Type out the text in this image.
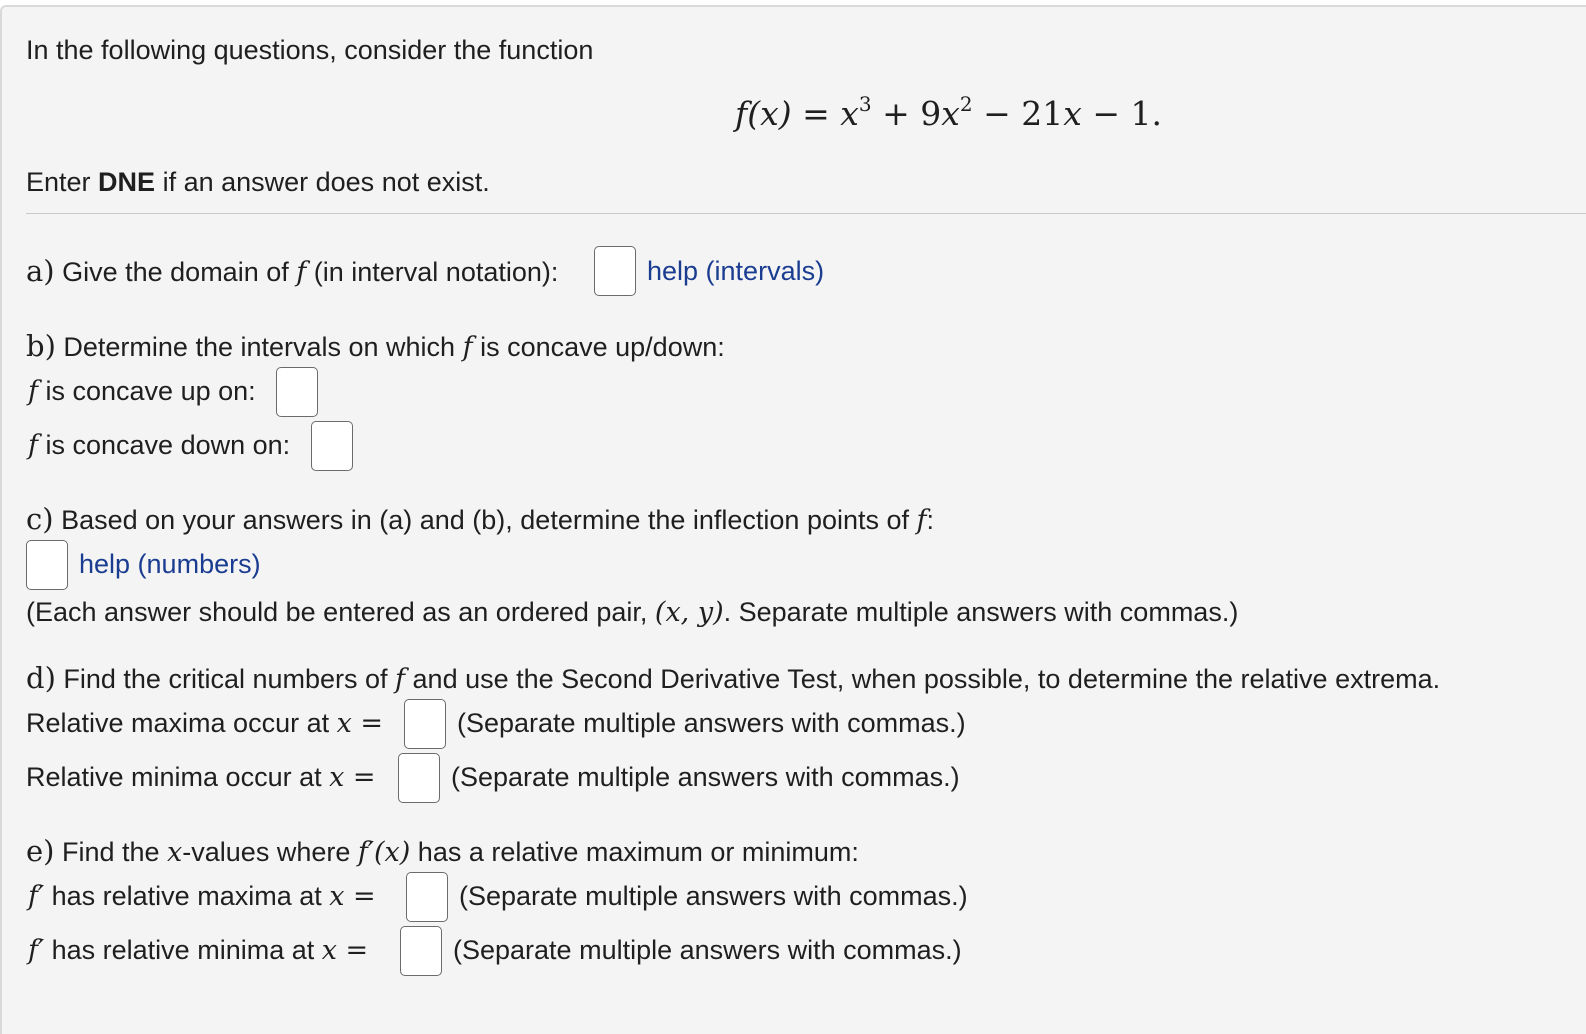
In the following questions, consider the function
$f(x) = x^3 + 9x^2 - 21x - 1$.
Enter DNE if an answer does not exist.
a) Give the domain of f (in interval notation):	help (intervals)
b) Determine the intervals on which f is concave up/down:
f is concave up on:
f is concave down on:
c) Based on your answers in (a) and (b), determine the inflection points of f:
help (numbers)
(Each answer should be entered as an ordered pair, (x, y). Separate multiple answers with commas.)
d) Find the critical numbers of f and use the Second Derivative Test, when possible, to determine the relative extrema.
Relative maxima occur at x =	(Separate multiple answers with commas.)
Relative minima occur at x =	(Separate multiple answers with commas.)
e) Find the x-values where f′(x) has a relative maximum or minimum:
f′ has relative maxima at x =	(Separate multiple answers with commas.)
f′ has relative minima at x =	(Separate multiple answers with commas.)
